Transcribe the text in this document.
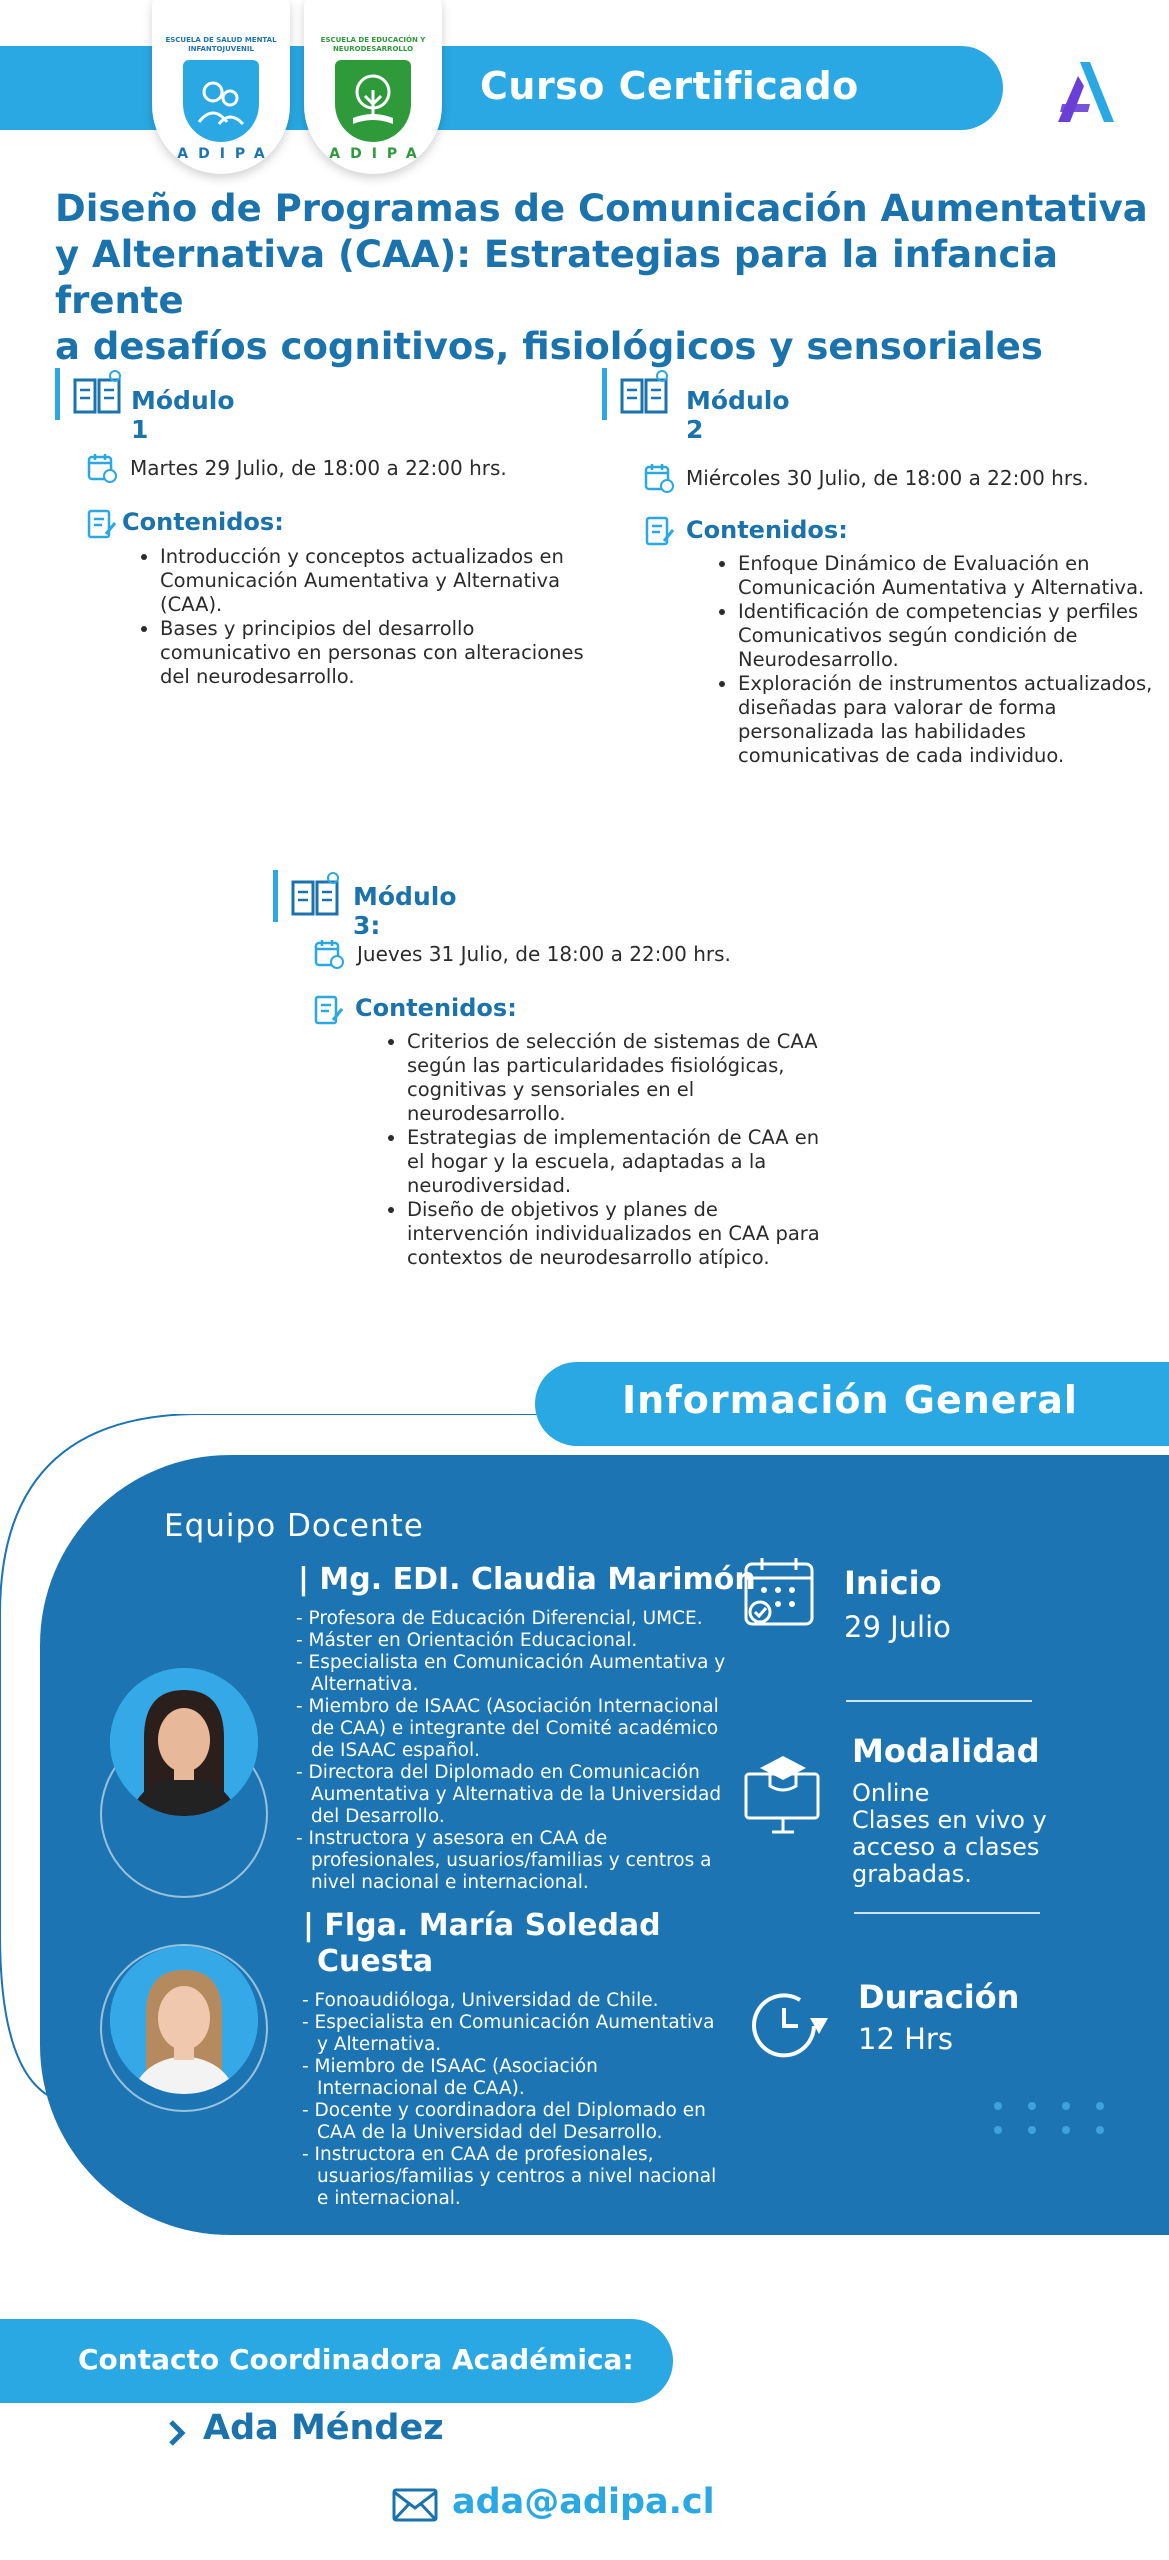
Curso Certificado
ESCUELA DE SALUD MENTAL INFANTOJUVENIL
ADIPA
ESCUELA DE EDUCACIÓN Y NEURODESARROLLO
ADIPA
Diseño de Programas de Comunicación Aumentativa
y Alternativa (CAA): Estrategias para la infancia frente
a desafíos cognitivos, fisiológicos y sensoriales
Módulo 1
Martes 29 Julio, de 18:00 a 22:00 hrs.
Contenidos:
• Introducción y conceptos actualizados en Comunicación Aumentativa y Alternativa (CAA).
• Bases y principios del desarrollo comunicativo en personas con alteraciones del neurodesarrollo.
Módulo 2
Miércoles 30 Julio, de 18:00 a 22:00 hrs.
Contenidos:
• Enfoque Dinámico de Evaluación en Comunicación Aumentativa y Alternativa.
• Identificación de competencias y perfiles Comunicativos según condición de Neurodesarrollo.
• Exploración de instrumentos actualizados, diseñadas para valorar de forma personalizada las habilidades comunicativas de cada individuo.
Módulo 3:
Jueves 31 Julio, de 18:00 a 22:00 hrs.
Contenidos:
• Criterios de selección de sistemas de CAA según las particularidades fisiológicas, cognitivas y sensoriales en el neurodesarrollo.
• Estrategias de implementación de CAA en el hogar y la escuela, adaptadas a la neurodiversidad.
• Diseño de objetivos y planes de intervención individualizados en CAA para contextos de neurodesarrollo atípico.
Información General
Equipo Docente
| Mg. EDI. Claudia Marimón
- Profesora de Educación Diferencial, UMCE.
- Máster en Orientación Educacional.
- Especialista en Comunicación Aumentativa y
Alternativa.
- Miembro de ISAAC (Asociación Internacional
de CAA) e integrante del Comité académico
de ISAAC español.
- Directora del Diplomado en Comunicación
Aumentativa y Alternativa de la Universidad
del Desarrollo.
- Instructora y asesora en CAA de
profesionales, usuarios/familias y centros a
nivel nacional e internacional.
| Flga. María Soledad
Cuesta
- Fonoaudióloga, Universidad de Chile.
- Especialista en Comunicación Aumentativa
y Alternativa.
- Miembro de ISAAC (Asociación
Internacional de CAA).
- Docente y coordinadora del Diplomado en
CAA de la Universidad del Desarrollo.
- Instructora en CAA de profesionales,
usuarios/familias y centros a nivel nacional
e internacional.
Inicio
29 Julio
Modalidad
Online
Clases en vivo y
acceso a clases
grabadas.
Duración
12 Hrs
Contacto Coordinadora Académica:
Ada Méndez
ada@adipa.cl
